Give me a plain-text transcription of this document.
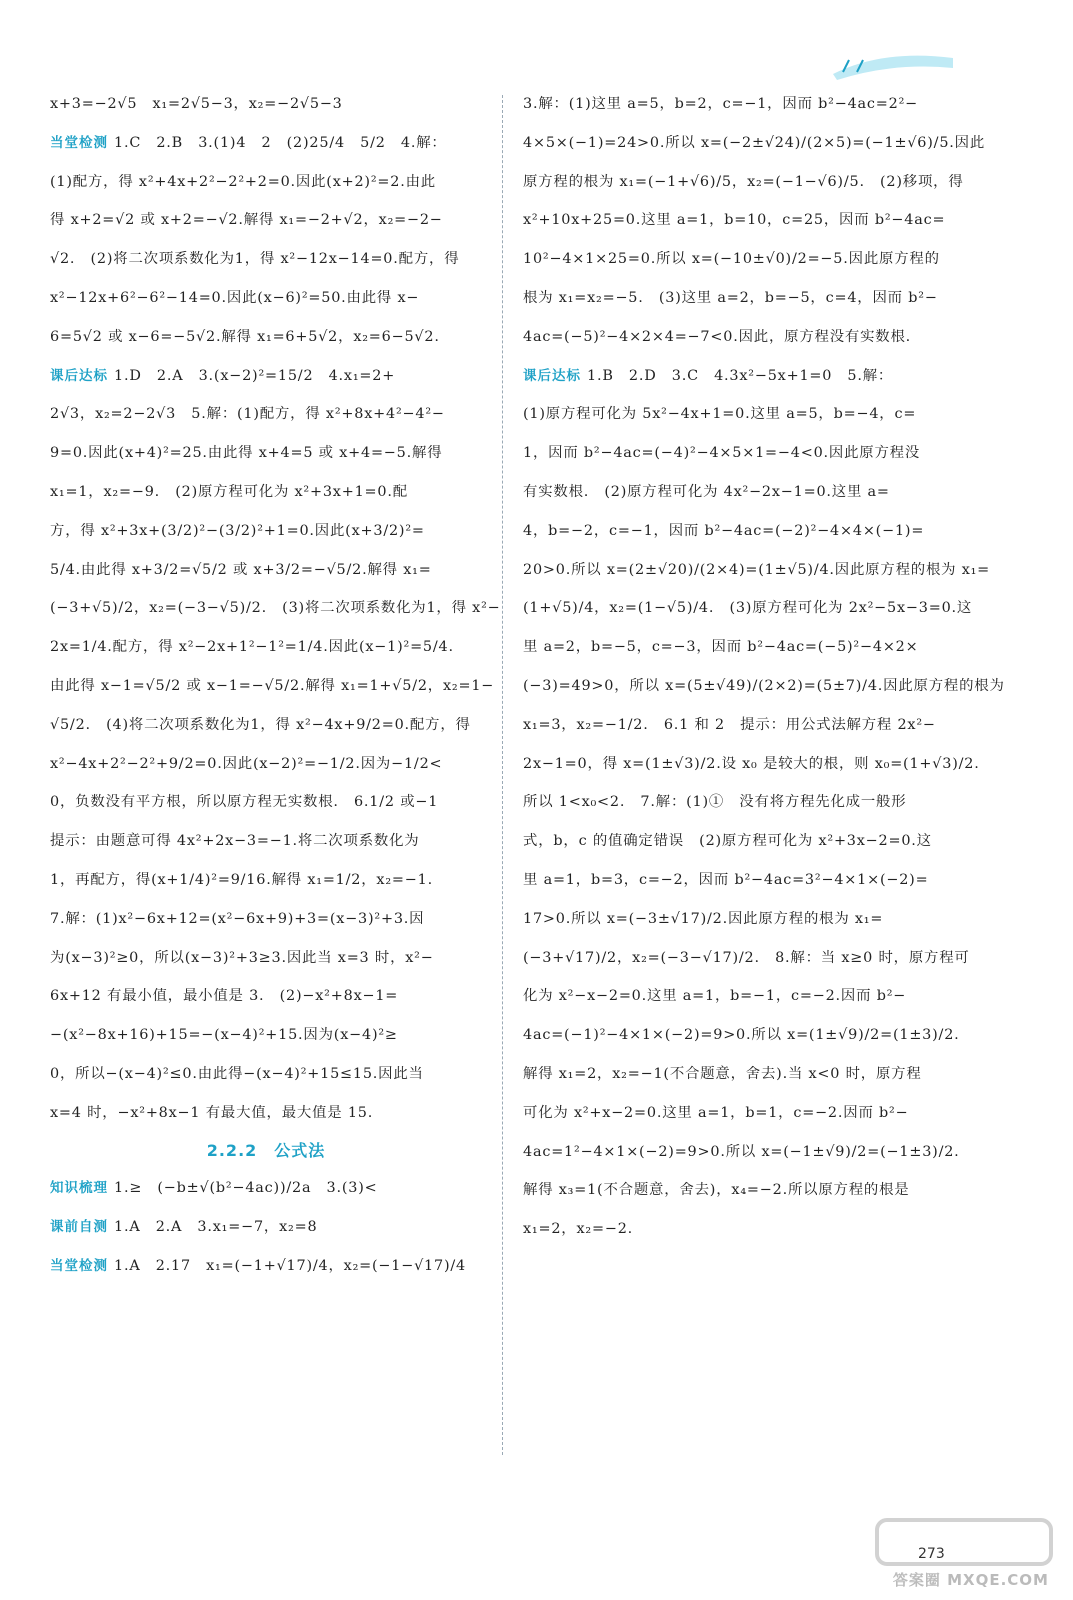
x+3=−2√5　x₁=2√5−3，x₂=−2√5−3
当堂检测 1.C　2.B　3.(1)4　2　(2)25/4　5/2　4.解：
(1)配方，得 x²+4x+2²−2²+2=0.因此(x+2)²=2.由此
得 x+2=√2 或 x+2=−√2.解得 x₁=−2+√2，x₂=−2−
√2.　(2)将二次项系数化为1，得 x²−12x−14=0.配方，得
x²−12x+6²−6²−14=0.因此(x−6)²=50.由此得 x−
6=5√2 或 x−6=−5√2.解得 x₁=6+5√2，x₂=6−5√2.
课后达标 1.D　2.A　3.(x−2)²=15/2　4.x₁=2+
2√3，x₂=2−2√3　5.解：(1)配方，得 x²+8x+4²−4²−
9=0.因此(x+4)²=25.由此得 x+4=5 或 x+4=−5.解得
x₁=1，x₂=−9.　(2)原方程可化为 x²+3x+1=0.配
方，得 x²+3x+(3/2)²−(3/2)²+1=0.因此(x+3/2)²=
5/4.由此得 x+3/2=√5/2 或 x+3/2=−√5/2.解得 x₁=
(−3+√5)/2，x₂=(−3−√5)/2.　(3)将二次项系数化为1，得 x²−
2x=1/4.配方，得 x²−2x+1²−1²=1/4.因此(x−1)²=5/4.
由此得 x−1=√5/2 或 x−1=−√5/2.解得 x₁=1+√5/2，x₂=1−
√5/2.　(4)将二次项系数化为1，得 x²−4x+9/2=0.配方，得
x²−4x+2²−2²+9/2=0.因此(x−2)²=−1/2.因为−1/2<
0，负数没有平方根，所以原方程无实数根.　6.1/2 或−1
提示：由题意可得 4x²+2x−3=−1.将二次项系数化为
1，再配方，得(x+1/4)²=9/16.解得 x₁=1/2，x₂=−1.
7.解：(1)x²−6x+12=(x²−6x+9)+3=(x−3)²+3.因
为(x−3)²≥0，所以(x−3)²+3≥3.因此当 x=3 时，x²−
6x+12 有最小值，最小值是 3.　(2)−x²+8x−1=
−(x²−8x+16)+15=−(x−4)²+15.因为(x−4)²≥
0，所以−(x−4)²≤0.由此得−(x−4)²+15≤15.因此当
x=4 时，−x²+8x−1 有最大值，最大值是 15.
2.2.2　公式法
知识梳理 1.≥　(−b±√(b²−4ac))/2a　3.(3)<
课前自测 1.A　2.A　3.x₁=−7，x₂=8
当堂检测 1.A　2.17　x₁=(−1+√17)/4，x₂=(−1−√17)/4
3.解：(1)这里 a=5，b=2，c=−1，因而 b²−4ac=2²−
4×5×(−1)=24>0.所以 x=(−2±√24)/(2×5)=(−1±√6)/5.因此
原方程的根为 x₁=(−1+√6)/5，x₂=(−1−√6)/5.　(2)移项，得
x²+10x+25=0.这里 a=1，b=10，c=25，因而 b²−4ac=
10²−4×1×25=0.所以 x=(−10±√0)/2=−5.因此原方程的
根为 x₁=x₂=−5.　(3)这里 a=2，b=−5，c=4，因而 b²−
4ac=(−5)²−4×2×4=−7<0.因此，原方程没有实数根.
课后达标 1.B　2.D　3.C　4.3x²−5x+1=0　5.解：
(1)原方程可化为 5x²−4x+1=0.这里 a=5，b=−4，c=
1，因而 b²−4ac=(−4)²−4×5×1=−4<0.因此原方程没
有实数根.　(2)原方程可化为 4x²−2x−1=0.这里 a=
4，b=−2，c=−1，因而 b²−4ac=(−2)²−4×4×(−1)=
20>0.所以 x=(2±√20)/(2×4)=(1±√5)/4.因此原方程的根为 x₁=
(1+√5)/4，x₂=(1−√5)/4.　(3)原方程可化为 2x²−5x−3=0.这
里 a=2，b=−5，c=−3，因而 b²−4ac=(−5)²−4×2×
(−3)=49>0，所以 x=(5±√49)/(2×2)=(5±7)/4.因此原方程的根为
x₁=3，x₂=−1/2.　6.1 和 2　提示：用公式法解方程 2x²−
2x−1=0，得 x=(1±√3)/2.设 x₀ 是较大的根，则 x₀=(1+√3)/2.
所以 1<x₀<2.　7.解：(1)①　没有将方程先化成一般形
式，b，c 的值确定错误　(2)原方程可化为 x²+3x−2=0.这
里 a=1，b=3，c=−2，因而 b²−4ac=3²−4×1×(−2)=
17>0.所以 x=(−3±√17)/2.因此原方程的根为 x₁=
(−3+√17)/2，x₂=(−3−√17)/2.　8.解：当 x≥0 时，原方程可
化为 x²−x−2=0.这里 a=1，b=−1，c=−2.因而 b²−
4ac=(−1)²−4×1×(−2)=9>0.所以 x=(1±√9)/2=(1±3)/2.
解得 x₁=2，x₂=−1(不合题意，舍去).当 x<0 时，原方程
可化为 x²+x−2=0.这里 a=1，b=1，c=−2.因而 b²−
4ac=1²−4×1×(−2)=9>0.所以 x=(−1±√9)/2=(−1±3)/2.
解得 x₃=1(不合题意，舍去)，x₄=−2.所以原方程的根是
x₁=2，x₂=−2.
273
答案圈 MXQE.COM
